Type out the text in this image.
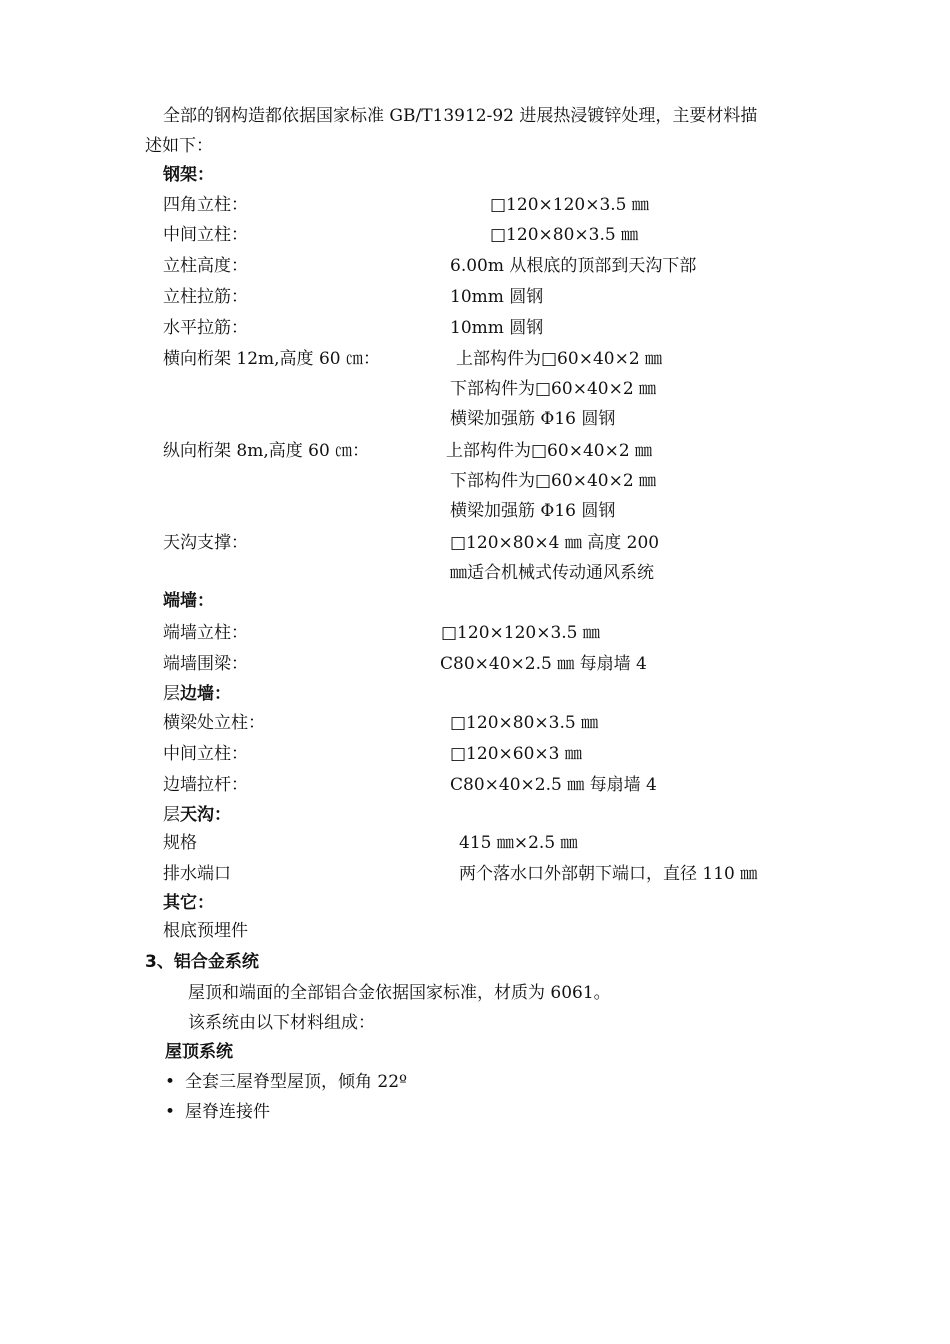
全部的钢构造都依据国家标准 GB/T13912-92 进展热浸镀锌处理，主要材料描
述如下：
钢架：
四角立柱：	□120×120×3.5 ㎜
中间立柱：	□120×80×3.5 ㎜
立柱高度：	6.00m 从根底的顶部到天沟下部
立柱拉筋：	10mm 圆钢
水平拉筋：	10mm 圆钢
横向桁架 12m,高度 60 ㎝：	上部构件为□60×40×2 ㎜
下部构件为□60×40×2 ㎜
横梁加强筋 Φ16 圆钢
纵向桁架 8m,高度 60 ㎝：	上部构件为□60×40×2 ㎜
下部构件为□60×40×2 ㎜
横梁加强筋 Φ16 圆钢
天沟支撑：	□120×80×4 ㎜ 高度 200
㎜适合机械式传动通风系统
端墙：
端墙立柱：	□120×120×3.5 ㎜
端墙围梁：	C80×40×2.5 ㎜ 每扇墙 4
层边墙：
横梁处立柱：	□120×80×3.5 ㎜
中间立柱：	□120×60×3 ㎜
边墙拉杆：	C80×40×2.5 ㎜ 每扇墙 4
层天沟：
规格	415 ㎜×2.5 ㎜
排水端口	两个落水口外部朝下端口，直径 110 ㎜
其它：
根底预埋件
3、铝合金系统
屋顶和端面的全部铝合金依据国家标准，材质为 6061。
该系统由以下材料组成：
屋顶系统
• 全套三屋脊型屋顶，倾角 22º
• 屋脊连接件
